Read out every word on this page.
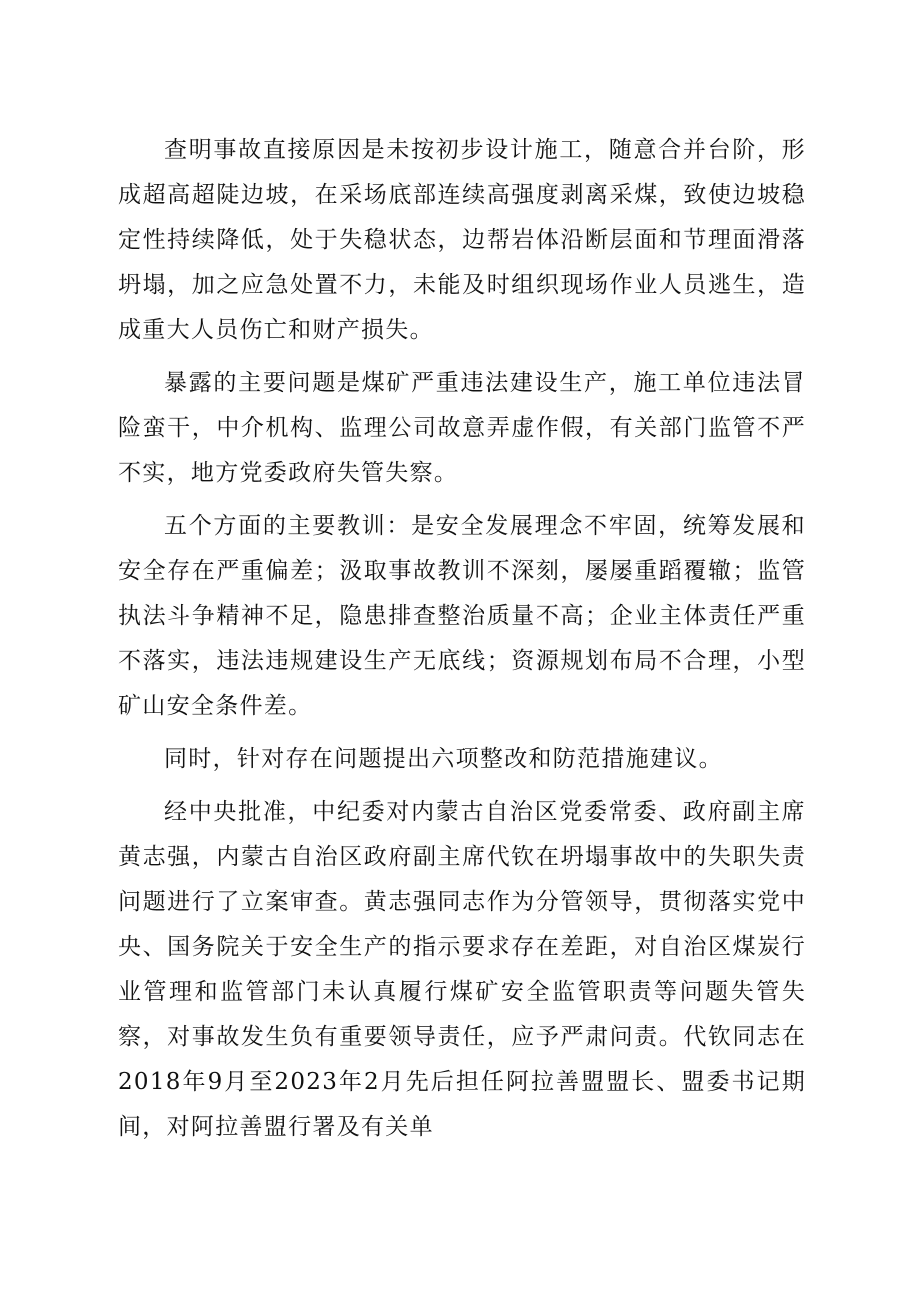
查明事故直接原因是未按初步设计施工，随意合并台阶，形成超高超陡边坡，在采场底部连续高强度剥离采煤，致使边坡稳定性持续降低，处于失稳状态，边帮岩体沿断层面和节理面滑落坍塌，加之应急处置不力，未能及时组织现场作业人员逃生，造成重大人员伤亡和财产损失。

暴露的主要问题是煤矿严重违法建设生产，施工单位违法冒险蛮干，中介机构、监理公司故意弄虚作假，有关部门监管不严不实，地方党委政府失管失察。

五个方面的主要教训：是安全发展理念不牢固，统筹发展和安全存在严重偏差；汲取事故教训不深刻，屡屡重蹈覆辙；监管执法斗争精神不足，隐患排查整治质量不高；企业主体责任严重不落实，违法违规建设生产无底线；资源规划布局不合理，小型矿山安全条件差。

同时，针对存在问题提出六项整改和防范措施建议。

经中央批准，中纪委对内蒙古自治区党委常委、政府副主席黄志强，内蒙古自治区政府副主席代钦在坍塌事故中的失职失责问题进行了立案审查。黄志强同志作为分管领导，贯彻落实党中央、国务院关于安全生产的指示要求存在差距，对自治区煤炭行业管理和监管部门未认真履行煤矿安全监管职责等问题失管失察，对事故发生负有重要领导责任，应予严肃问责。代钦同志在2018年9月至2023年2月先后担任阿拉善盟盟长、盟委书记期间，对阿拉善盟行署及有关单
